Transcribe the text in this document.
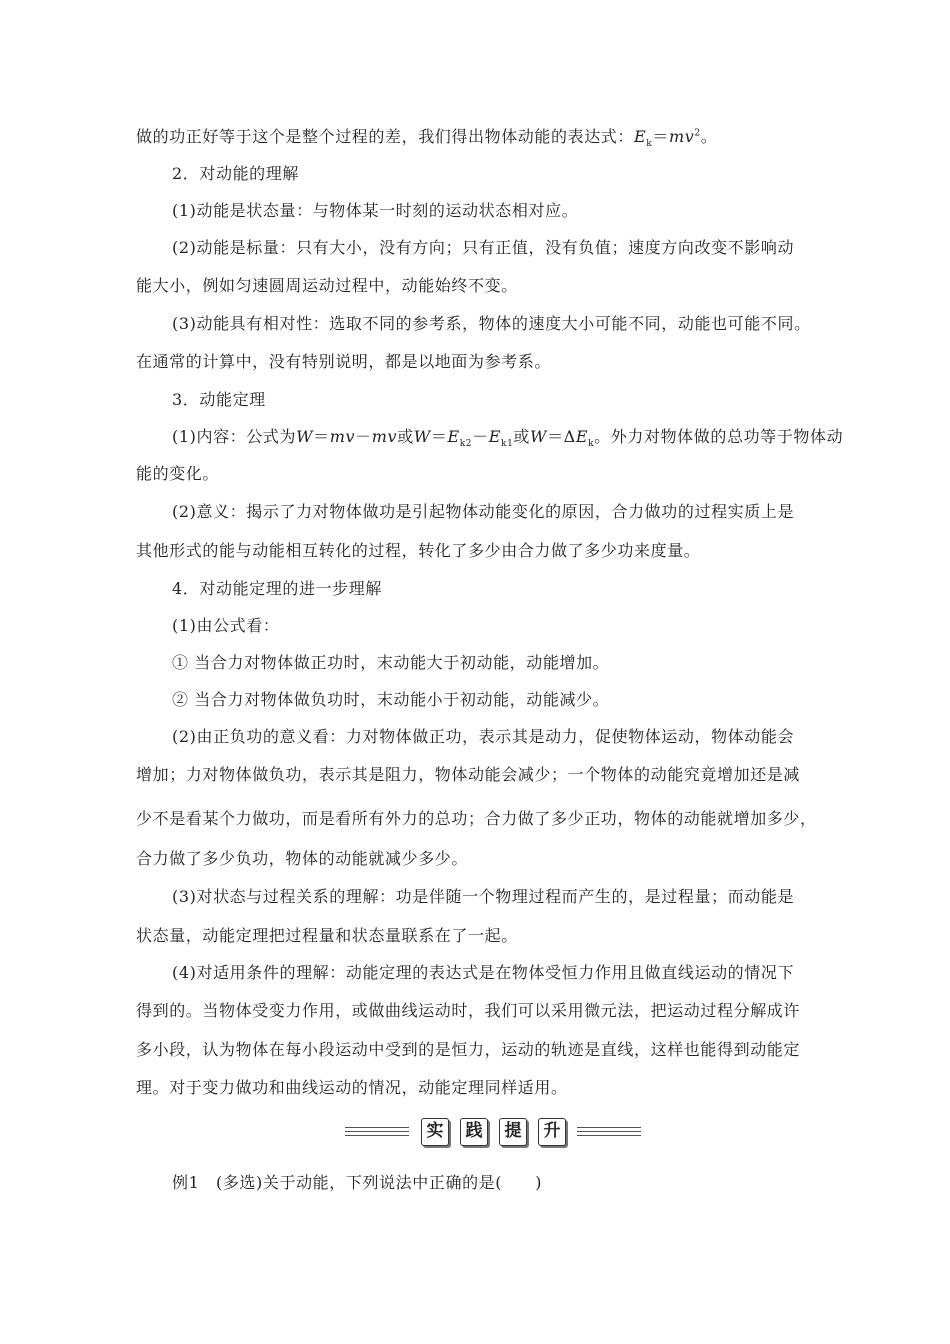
做的功正好等于这个是整个过程的差，我们得出物体动能的表达式：$E_k=mv^2$。
2．对动能的理解
(1)动能是状态量：与物体某一时刻的运动状态相对应。
(2)动能是标量：只有大小，没有方向；只有正值，没有负值；速度方向改变不影响动
能大小，例如匀速圆周运动过程中，动能始终不变。
(3)动能具有相对性：选取不同的参考系，物体的速度大小可能不同，动能也可能不同。
在通常的计算中，没有特别说明，都是以地面为参考系。
3．动能定理
(1)内容：公式为W＝mv－mv或$W=E_{k2}-E_{k1}$或$W=\Delta E_k$。外力对物体做的总功等于物体动
能的变化。
(2)意义：揭示了力对物体做功是引起物体动能变化的原因，合力做功的过程实质上是
其他形式的能与动能相互转化的过程，转化了多少由合力做了多少功来度量。
4．对动能定理的进一步理解
(1)由公式看：
① 当合力对物体做正功时，末动能大于初动能，动能增加。
② 当合力对物体做负功时，末动能小于初动能，动能减少。
(2)由正负功的意义看：力对物体做正功，表示其是动力，促使物体运动，物体动能会
增加；力对物体做负功，表示其是阻力，物体动能会减少；一个物体的动能究竟增加还是减
少不是看某个力做功，而是看所有外力的总功；合力做了多少正功，物体的动能就增加多少，
合力做了多少负功，物体的动能就减少多少。
(3)对状态与过程关系的理解：功是伴随一个物理过程而产生的，是过程量；而动能是
状态量，动能定理把过程量和状态量联系在了一起。
(4)对适用条件的理解：动能定理的表达式是在物体受恒力作用且做直线运动的情况下
得到的。当物体受变力作用，或做曲线运动时，我们可以采用微元法，把运动过程分解成许
多小段，认为物体在每小段运动中受到的是恒力，运动的轨迹是直线，这样也能得到动能定
理。对于变力做功和曲线运动的情况，动能定理同样适用。
实	践	提	升
例1　(多选)关于动能，下列说法中正确的是(　　)
